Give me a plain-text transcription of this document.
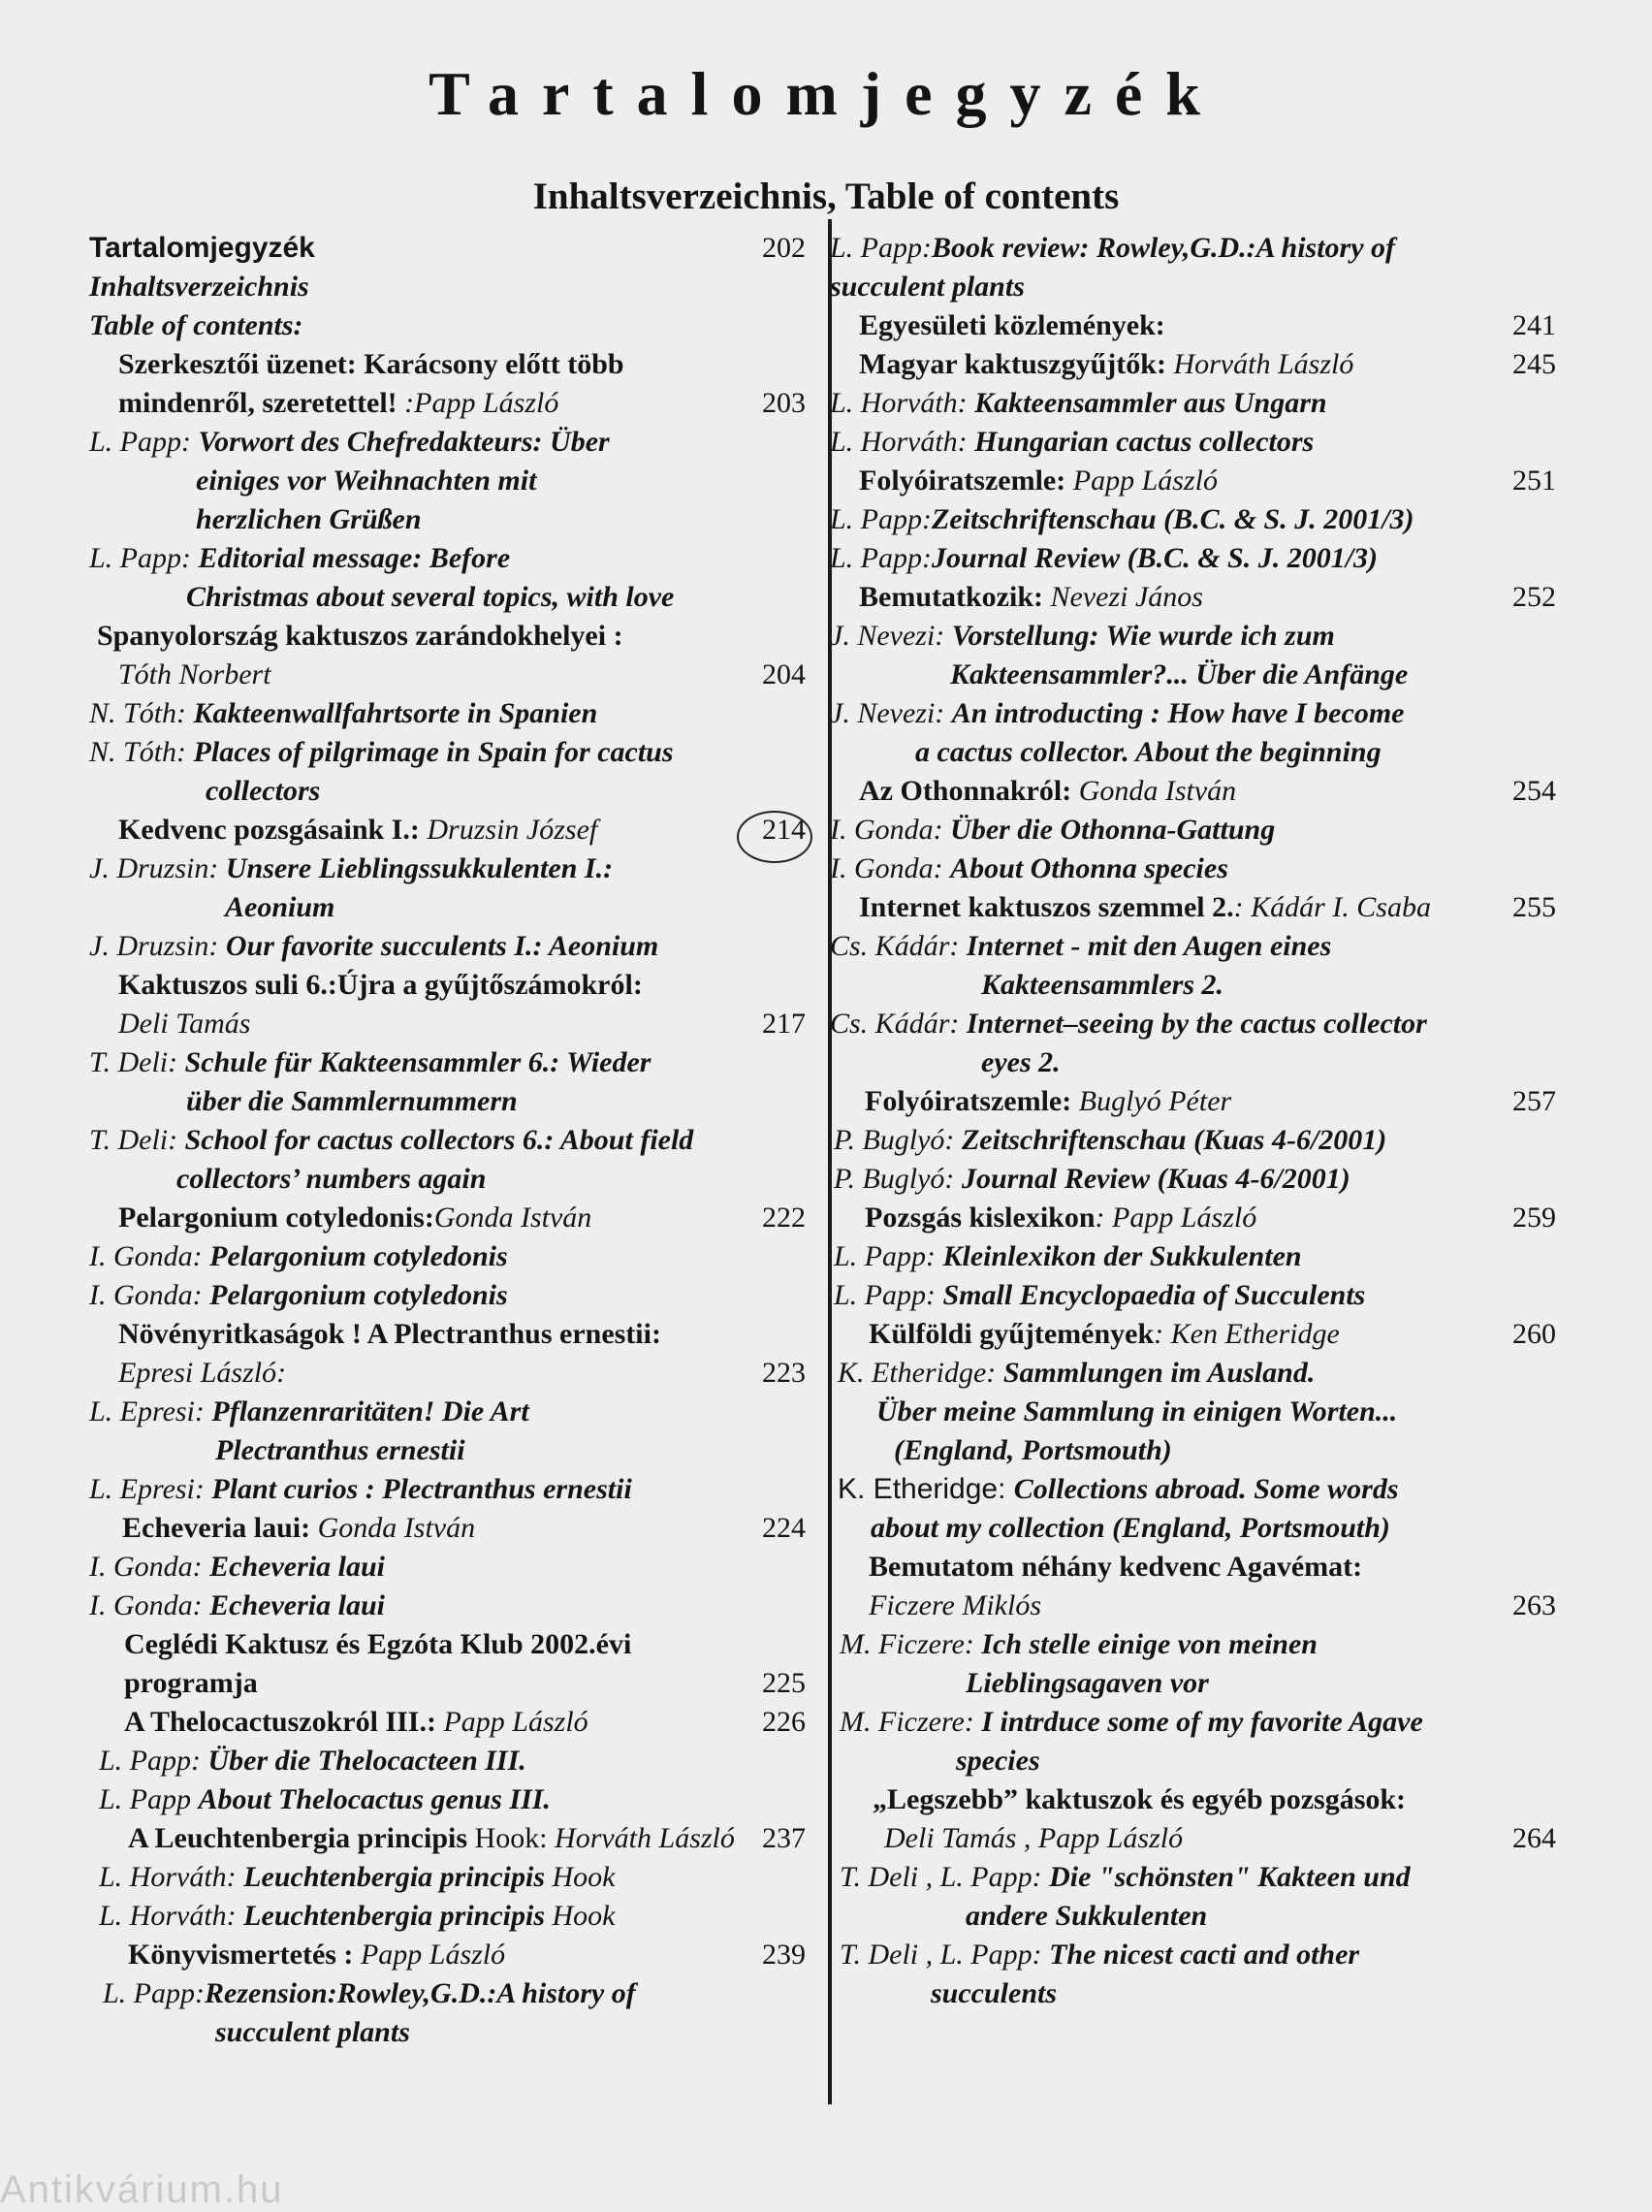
Tartalomjegyzék
Inhaltsverzeichnis, Table of contents
Tartalomjegyzék	202
Inhaltsverzeichnis
Table of contents:
Szerkesztői üzenet: Karácsony előtt több
mindenről, szeretettel! :Papp László	203
L. Papp: Vorwort des Chefredakteurs: Über
einiges vor Weihnachten mit
herzlichen Grüßen
L. Papp: Editorial message: Before
Christmas about several topics, with love
Spanyolország kaktuszos zarándokhelyei :
Tóth Norbert	204
N. Tóth: Kakteenwallfahrtsorte in Spanien
N. Tóth: Places of pilgrimage in Spain for cactus
collectors
Kedvenc pozsgásaink I.: Druzsin József	214
J. Druzsin: Unsere Lieblingssukkulenten I.:
Aeonium
J. Druzsin: Our favorite succulents I.: Aeonium
Kaktuszos suli 6.:Újra a gyűjtőszámokról:
Deli Tamás	217
T. Deli: Schule für Kakteensammler 6.: Wieder
über die Sammlernummern
T. Deli: School for cactus collectors 6.: About field
collectors’ numbers again
Pelargonium cotyledonis:Gonda István	222
I. Gonda: Pelargonium cotyledonis
I. Gonda: Pelargonium cotyledonis
Növényritkaságok ! A Plectranthus ernestii:
Epresi László:	223
L. Epresi: Pflanzenraritäten! Die Art
Plectranthus ernestii
L. Epresi: Plant curios : Plectranthus ernestii
Echeveria laui: Gonda István	224
I. Gonda: Echeveria laui
I. Gonda: Echeveria laui
Ceglédi Kaktusz és Egzóta Klub 2002.évi
programja	225
A Thelocactuszokról III.: Papp László	226
L. Papp: Über die Thelocacteen III.
L. Papp About Thelocactus genus III.
A Leuchtenbergia principis Hook: Horváth László 237
L. Horváth: Leuchtenbergia principis Hook
L. Horváth: Leuchtenbergia principis Hook
Könyvismertetés : Papp László	239
L. Papp:Rezension:Rowley,G.D.:A history of
succulent plants
L. Papp:Book review: Rowley,G.D.:A history of
succulent plants
Egyesületi közlemények:	241
Magyar kaktuszgyűjtők: Horváth László	245
L. Horváth: Kakteensammler aus Ungarn
L. Horváth: Hungarian cactus collectors
Folyóiratszemle: Papp László	251
L. Papp:Zeitschriftenschau (B.C. & S. J. 2001/3)
L. Papp:Journal Review (B.C. & S. J. 2001/3)
Bemutatkozik: Nevezi János	252
J. Nevezi: Vorstellung: Wie wurde ich zum
Kakteensammler?... Über die Anfänge
J. Nevezi: An introducting : How have I become
a cactus collector. About the beginning
Az Othonnakról: Gonda István	254
I. Gonda: Über die Othonna-Gattung
I. Gonda: About Othonna species
Internet kaktuszos szemmel 2.: Kádár I. Csaba	255
Cs. Kádár: Internet - mit den Augen eines
Kakteensammlers 2.
Cs. Kádár: Internet–seeing by the cactus collector
eyes 2.
Folyóiratszemle: Buglyó Péter	257
P. Buglyó: Zeitschriftenschau (Kuas 4-6/2001)
P. Buglyó: Journal Review (Kuas 4-6/2001)
Pozsgás kislexikon: Papp László	259
L. Papp: Kleinlexikon der Sukkulenten
L. Papp: Small Encyclopaedia of Succulents
Külföldi gyűjtemények: Ken Etheridge	260
K. Etheridge: Sammlungen im Ausland.
Über meine Sammlung in einigen Worten...
(England, Portsmouth)
K. Etheridge: Collections abroad. Some words
about my collection (England, Portsmouth)
Bemutatom néhány kedvenc Agavémat:
Ficzere Miklós	263
M. Ficzere: Ich stelle einige von meinen
Lieblingsagaven vor
M. Ficzere: I intrduce some of my favorite Agave
species
„Legszebb” kaktuszok és egyéb pozsgások:
Deli Tamás , Papp László	264
T. Deli , L. Papp: Die "schönsten" Kakteen und
andere Sukkulenten
T. Deli , L. Papp: The nicest cacti and other
succulents
Antikvárium.hu
